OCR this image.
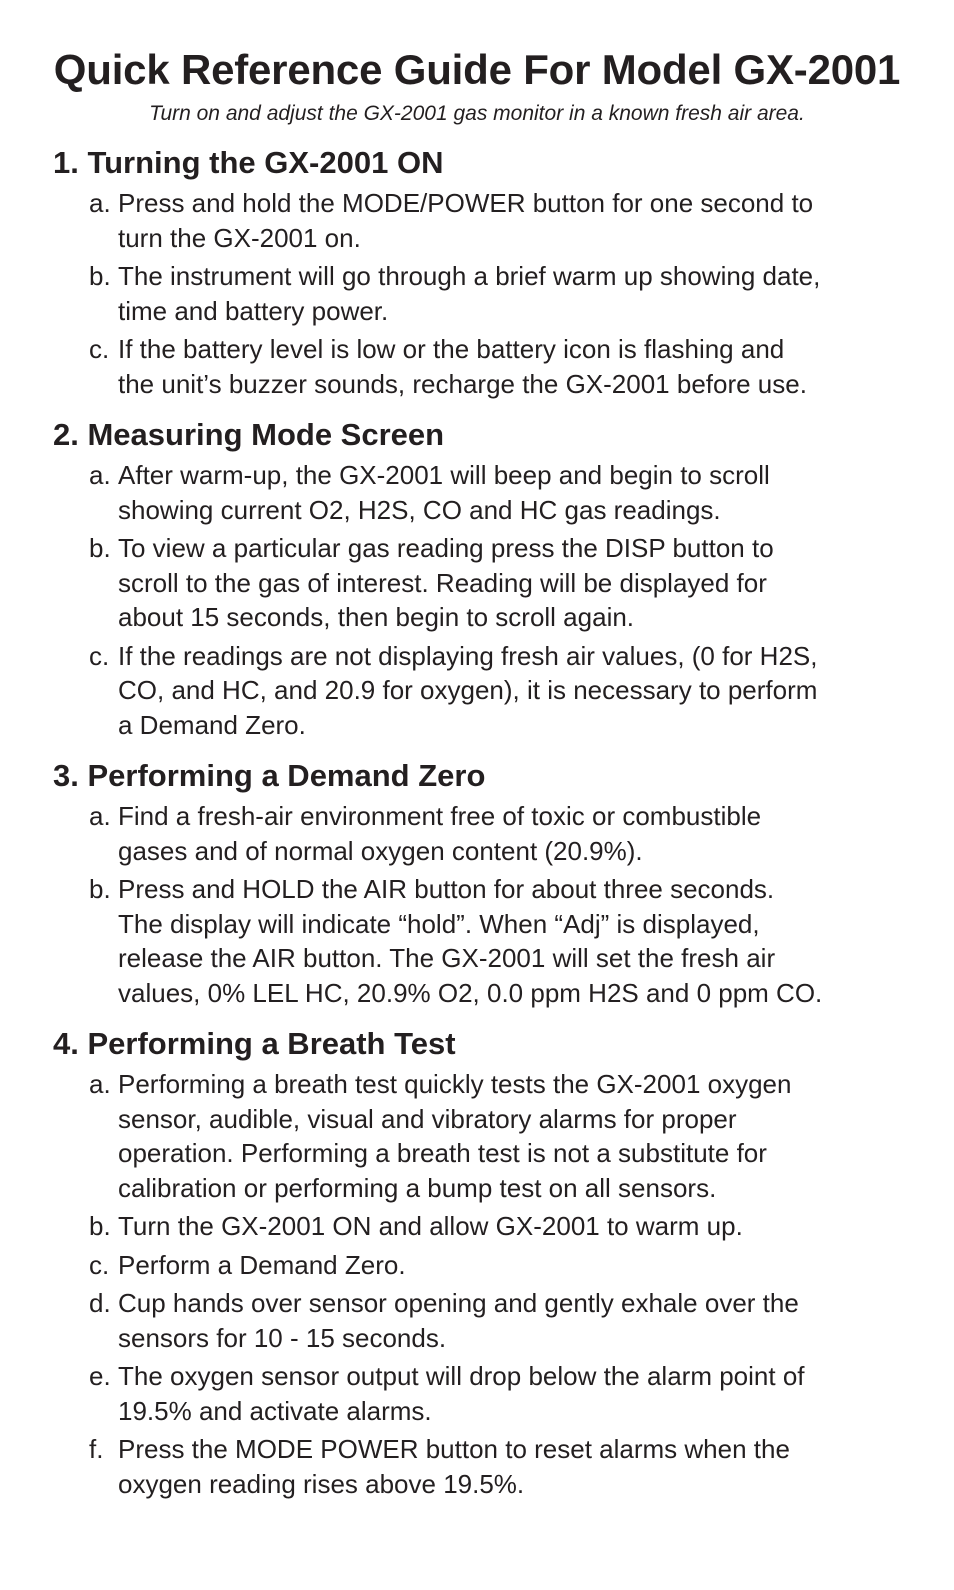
Quick Reference Guide For Model GX-2001

Turn on and adjust the GX-2001 gas monitor in a known fresh air area.

1. Turning the GX-2001 ON
a. Press and hold the MODE/POWER button for one second to
turn the GX-2001 on.
b. The instrument will go through a brief warm up showing date,
time and battery power.
c. If the battery level is low or the battery icon is flashing and
the unit’s buzzer sounds, recharge the GX-2001 before use.
2. Measuring Mode Screen
a. After warm-up, the GX-2001 will beep and begin to scroll
showing current O2, H2S, CO and HC gas readings.
b. To view a particular gas reading press the DISP button to
scroll to the gas of interest. Reading will be displayed for
about 15 seconds, then begin to scroll again.
c. If the readings are not displaying fresh air values, (0 for H2S,
CO, and HC, and 20.9 for oxygen), it is necessary to perform
a Demand Zero.
3. Performing a Demand Zero
a. Find a fresh-air environment free of toxic or combustible
gases and of normal oxygen content (20.9%).
b. Press and HOLD the AIR button for about three seconds.
The display will indicate “hold”. When “Adj” is displayed,
release the AIR button. The GX-2001 will set the fresh air
values, 0% LEL HC, 20.9% O2, 0.0 ppm H2S and 0 ppm CO.
4. Performing a Breath Test
a. Performing a breath test quickly tests the GX-2001 oxygen
sensor, audible, visual and vibratory alarms for proper
operation. Performing a breath test is not a substitute for
calibration or performing a bump test on all sensors.
b. Turn the GX-2001 ON and allow GX-2001 to warm up.
c. Perform a Demand Zero.
d. Cup hands over sensor opening and gently exhale over the
sensors for 10 - 15 seconds.
e. The oxygen sensor output will drop below the alarm point of
19.5% and activate alarms.
f. Press the MODE POWER button to reset alarms when the
oxygen reading rises above 19.5%.
